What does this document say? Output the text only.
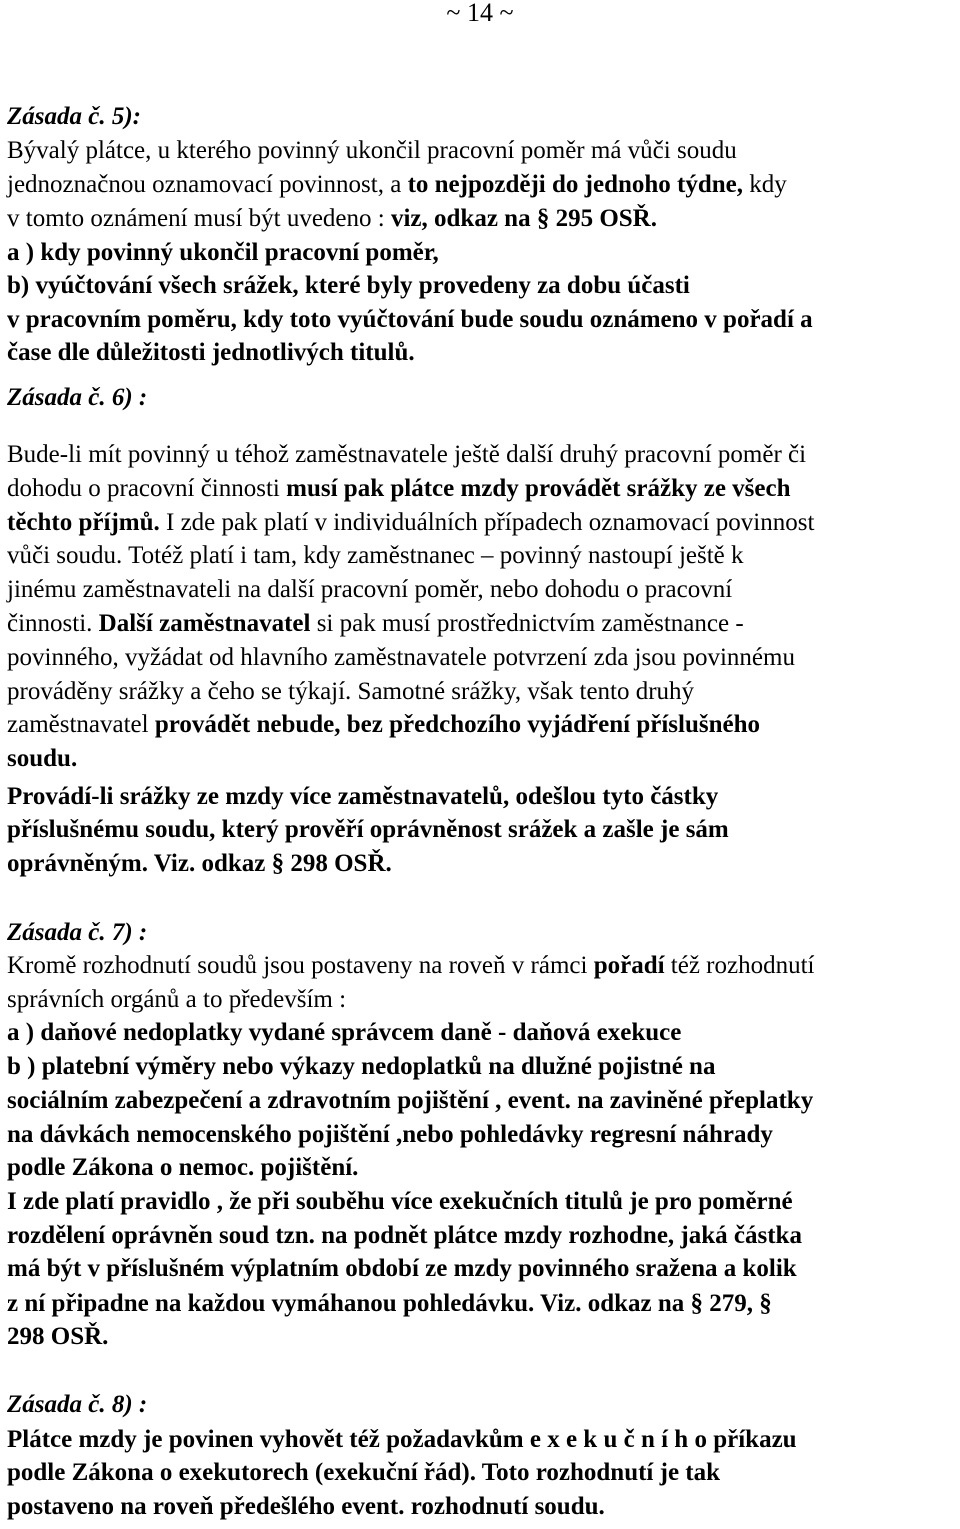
~ 14 ~
Zásada č. 5):
Bývalý plátce, u kterého povinný ukončil pracovní poměr má vůči soudu
jednoznačnou oznamovací povinnost, a to nejpozději do jednoho týdne, kdy
v tomto oznámení musí být uvedeno : viz, odkaz na § 295 OSŘ.
a ) kdy povinný ukončil pracovní poměr,
b) vyúčtování všech srážek, které byly provedeny za dobu účasti
v pracovním poměru, kdy toto vyúčtování bude soudu oznámeno v pořadí a
čase dle důležitosti jednotlivých titulů.
Zásada č. 6) :
Bude-li mít povinný u téhož zaměstnavatele ještě další druhý pracovní poměr či
dohodu o pracovní činnosti musí pak plátce mzdy provádět srážky ze všech
těchto příjmů. I zde pak platí v individuálních případech oznamovací povinnost
vůči soudu. Totéž platí i tam, kdy zaměstnanec – povinný nastoupí ještě k
jinému zaměstnavateli na další pracovní poměr, nebo dohodu o pracovní
činnosti. Další zaměstnavatel si pak musí prostřednictvím zaměstnance -
povinného, vyžádat od hlavního zaměstnavatele potvrzení zda jsou povinnému
prováděny srážky a čeho se týkají. Samotné srážky, však tento druhý
zaměstnavatel provádět nebude, bez předchozího vyjádření příslušného
soudu.
Provádí-li srážky ze mzdy více zaměstnavatelů, odešlou tyto částky
příslušnému soudu, který prověří oprávněnost srážek a zašle je sám
oprávněným. Viz. odkaz § 298 OSŘ.
Zásada č. 7) :
Kromě rozhodnutí soudů jsou postaveny na roveň v rámci pořadí též rozhodnutí
správních orgánů a to především :
a ) daňové nedoplatky vydané správcem daně - daňová exekuce
b ) platební výměry nebo výkazy nedoplatků na dlužné pojistné na
sociálním zabezpečení a zdravotním pojištění , event. na zaviněné přeplatky
na dávkách nemocenského pojištění ,nebo pohledávky regresní náhrady
podle Zákona o nemoc. pojištění.
I zde platí pravidlo , že při souběhu více exekučních titulů je pro poměrné
rozdělení oprávněn soud tzn. na podnět plátce mzdy rozhodne, jaká částka
má být v příslušném výplatním období ze mzdy povinného sražena a kolik
z ní připadne na každou vymáhanou pohledávku. Viz. odkaz na § 279, §
298 OSŘ.
Zásada č. 8) :
Plátce mzdy je povinen vyhovět též požadavkům e x e k u č n í h o příkazu
podle Zákona o exekutorech (exekuční řád). Toto rozhodnutí je tak
postaveno na roveň předešlého event. rozhodnutí soudu.
